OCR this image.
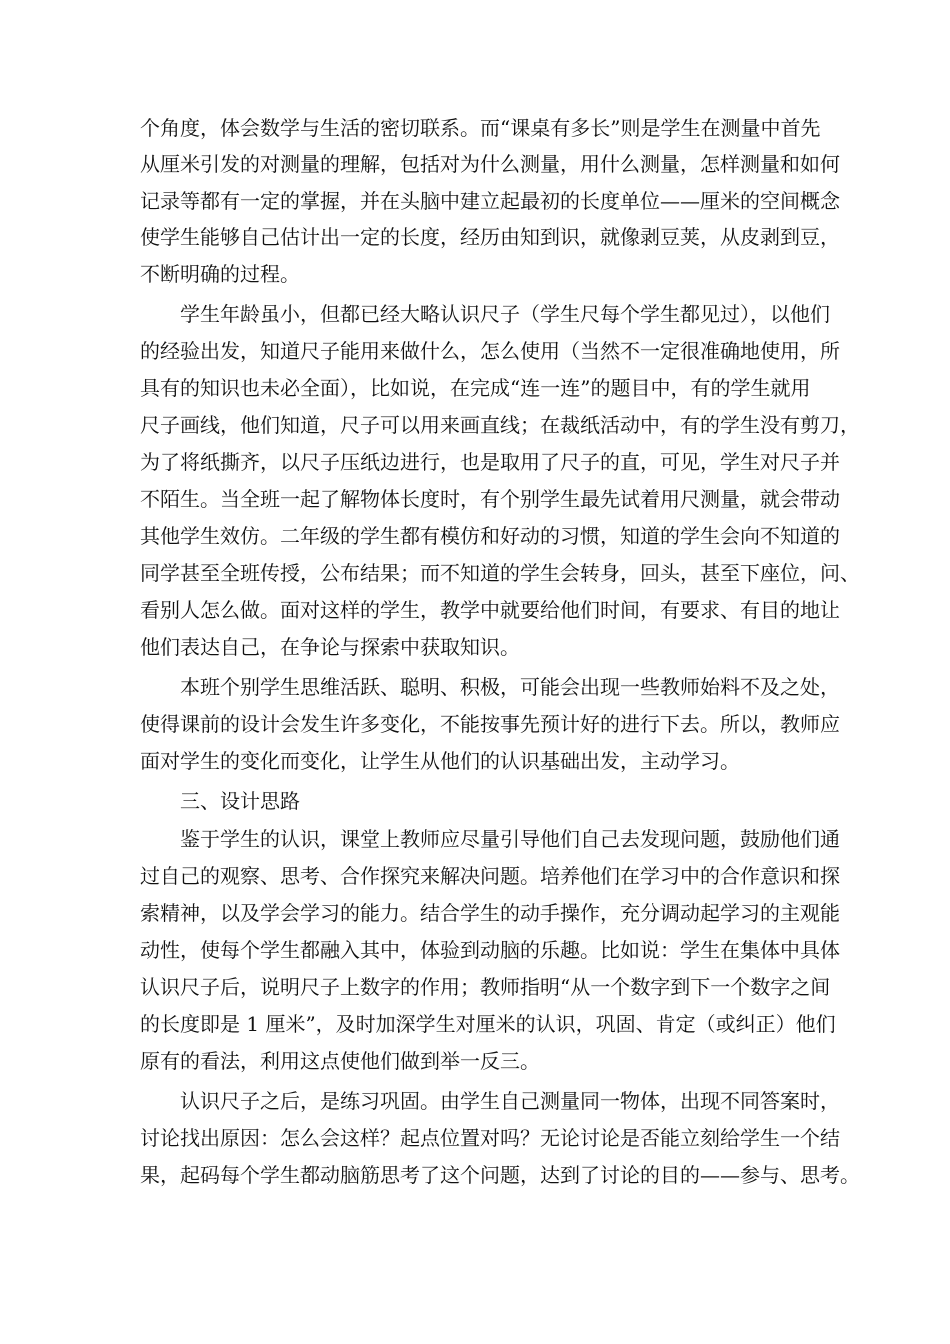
个角度，体会数学与生活的密切联系。而“课桌有多长”则是学生在测量中首先
从厘米引发的对测量的理解，包括对为什么测量，用什么测量，怎样测量和如何
记录等都有一定的掌握，并在头脑中建立起最初的长度单位——厘米的空间概念
使学生能够自己估计出一定的长度，经历由知到识，就像剥豆荚，从皮剥到豆，
不断明确的过程。
学生年龄虽小，但都已经大略认识尺子（学生尺每个学生都见过），以他们
的经验出发，知道尺子能用来做什么，怎么使用（当然不一定很准确地使用，所
具有的知识也未必全面），比如说，在完成“连一连”的题目中，有的学生就用
尺子画线，他们知道，尺子可以用来画直线；在裁纸活动中，有的学生没有剪刀，
为了将纸撕齐，以尺子压纸边进行，也是取用了尺子的直，可见，学生对尺子并
不陌生。当全班一起了解物体长度时，有个别学生最先试着用尺测量，就会带动
其他学生效仿。二年级的学生都有模仿和好动的习惯，知道的学生会向不知道的
同学甚至全班传授，公布结果；而不知道的学生会转身，回头，甚至下座位，问、
看别人怎么做。面对这样的学生，教学中就要给他们时间，有要求、有目的地让
他们表达自己，在争论与探索中获取知识。
本班个别学生思维活跃、聪明、积极，可能会出现一些教师始料不及之处，
使得课前的设计会发生许多变化，不能按事先预计好的进行下去。所以，教师应
面对学生的变化而变化，让学生从他们的认识基础出发，主动学习。
三、设计思路
鉴于学生的认识，课堂上教师应尽量引导他们自己去发现问题，鼓励他们通
过自己的观察、思考、合作探究来解决问题。培养他们在学习中的合作意识和探
索精神，以及学会学习的能力。结合学生的动手操作，充分调动起学习的主观能
动性，使每个学生都融入其中，体验到动脑的乐趣。比如说：学生在集体中具体
认识尺子后，说明尺子上数字的作用；教师指明“从一个数字到下一个数字之间
的长度即是 1 厘米”，及时加深学生对厘米的认识，巩固、肯定（或纠正）他们
原有的看法，利用这点使他们做到举一反三。
认识尺子之后，是练习巩固。由学生自己测量同一物体，出现不同答案时，
讨论找出原因：怎么会这样？起点位置对吗？无论讨论是否能立刻给学生一个结
果，起码每个学生都动脑筋思考了这个问题，达到了讨论的目的——参与、思考。
